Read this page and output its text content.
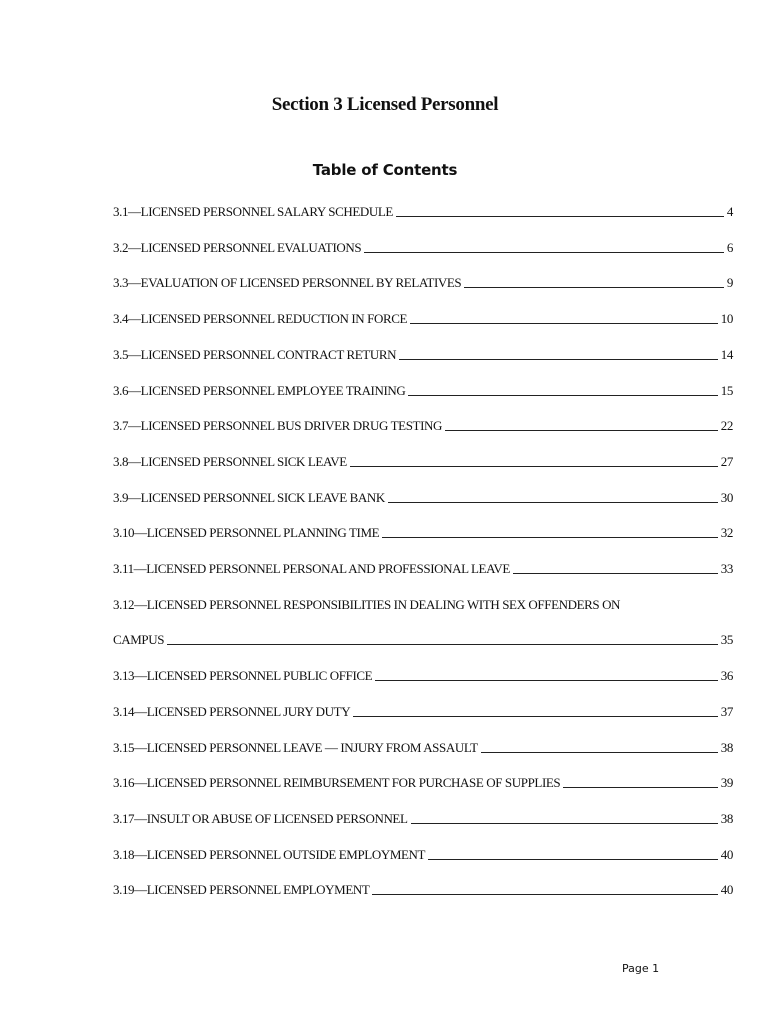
Section 3 Licensed Personnel
Table of Contents
3.1—LICENSED PERSONNEL SALARY SCHEDULE	4
3.2—LICENSED PERSONNEL EVALUATIONS	6
3.3—EVALUATION OF LICENSED PERSONNEL BY RELATIVES	9
3.4—LICENSED PERSONNEL REDUCTION IN FORCE	10
3.5—LICENSED PERSONNEL CONTRACT RETURN	14
3.6—LICENSED PERSONNEL EMPLOYEE TRAINING	15
3.7—LICENSED PERSONNEL BUS DRIVER DRUG TESTING	22
3.8—LICENSED PERSONNEL SICK LEAVE	27
3.9—LICENSED PERSONNEL SICK LEAVE BANK	30
3.10—LICENSED PERSONNEL PLANNING TIME	32
3.11—LICENSED PERSONNEL PERSONAL AND PROFESSIONAL LEAVE	33
3.12—LICENSED PERSONNEL RESPONSIBILITIES IN DEALING WITH SEX OFFENDERS ON
CAMPUS	35
3.13—LICENSED PERSONNEL PUBLIC OFFICE	36
3.14—LICENSED PERSONNEL JURY DUTY	37
3.15—LICENSED PERSONNEL LEAVE — INJURY FROM ASSAULT	38
3.16—LICENSED PERSONNEL REIMBURSEMENT FOR PURCHASE OF SUPPLIES	39
3.17—INSULT OR ABUSE OF LICENSED PERSONNEL	38
3.18—LICENSED PERSONNEL OUTSIDE EMPLOYMENT	40
3.19—LICENSED PERSONNEL EMPLOYMENT	40
Page 1
